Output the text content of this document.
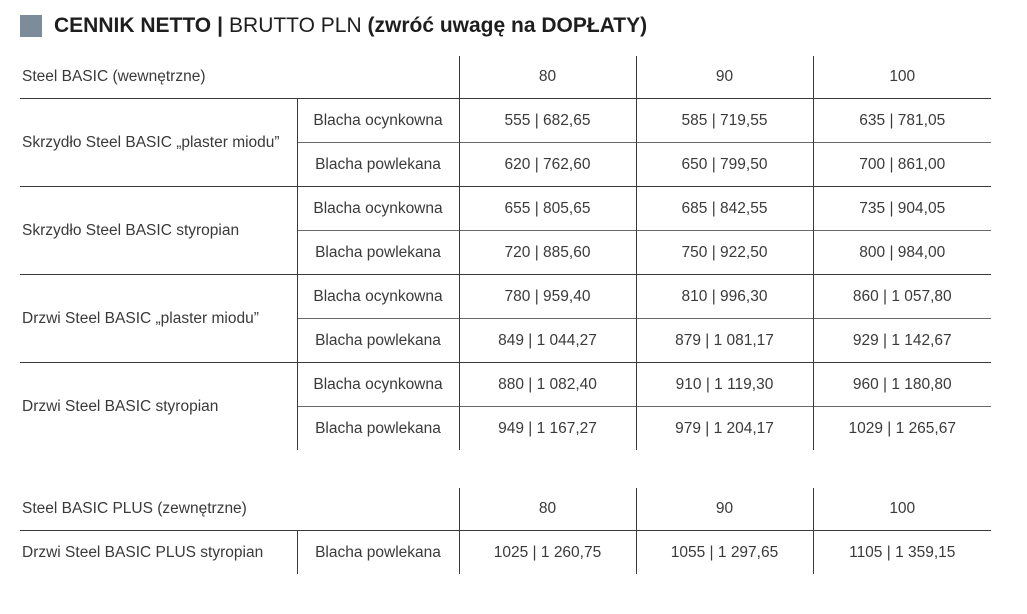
CENNIK NETTO | BRUTTO PLN
(zwróć uwagę na DOPŁATY)
Steel BASIC (wewnętrzne)		80	90	100
Skrzydło Steel BASIC „plaster miodu”	Blacha ocynkowna	555 | 682,65	585 | 719,55	635 | 781,05
	Blacha powlekana	620 | 762,60	650 | 799,50	700 | 861,00
Skrzydło Steel BASIC styropian	Blacha ocynkowna	655 | 805,65	685 | 842,55	735 | 904,05
	Blacha powlekana	720 | 885,60	750 | 922,50	800 | 984,00
Drzwi Steel BASIC „plaster miodu”	Blacha ocynkowna	780 | 959,40	810 | 996,30	860 | 1 057,80
	Blacha powlekana	849 | 1 044,27	879 | 1 081,17	929 | 1 142,67
Drzwi Steel BASIC styropian	Blacha ocynkowna	880 | 1 082,40	910 | 1 119,30	960 | 1 180,80
	Blacha powlekana	949 | 1 167,27	979 | 1 204,17	1029 | 1 265,67
Steel BASIC PLUS (zewnętrzne)		80	90	100
Drzwi Steel BASIC PLUS styropian	Blacha powlekana	1025 | 1 260,75	1055 | 1 297,65	1105 | 1 359,15
